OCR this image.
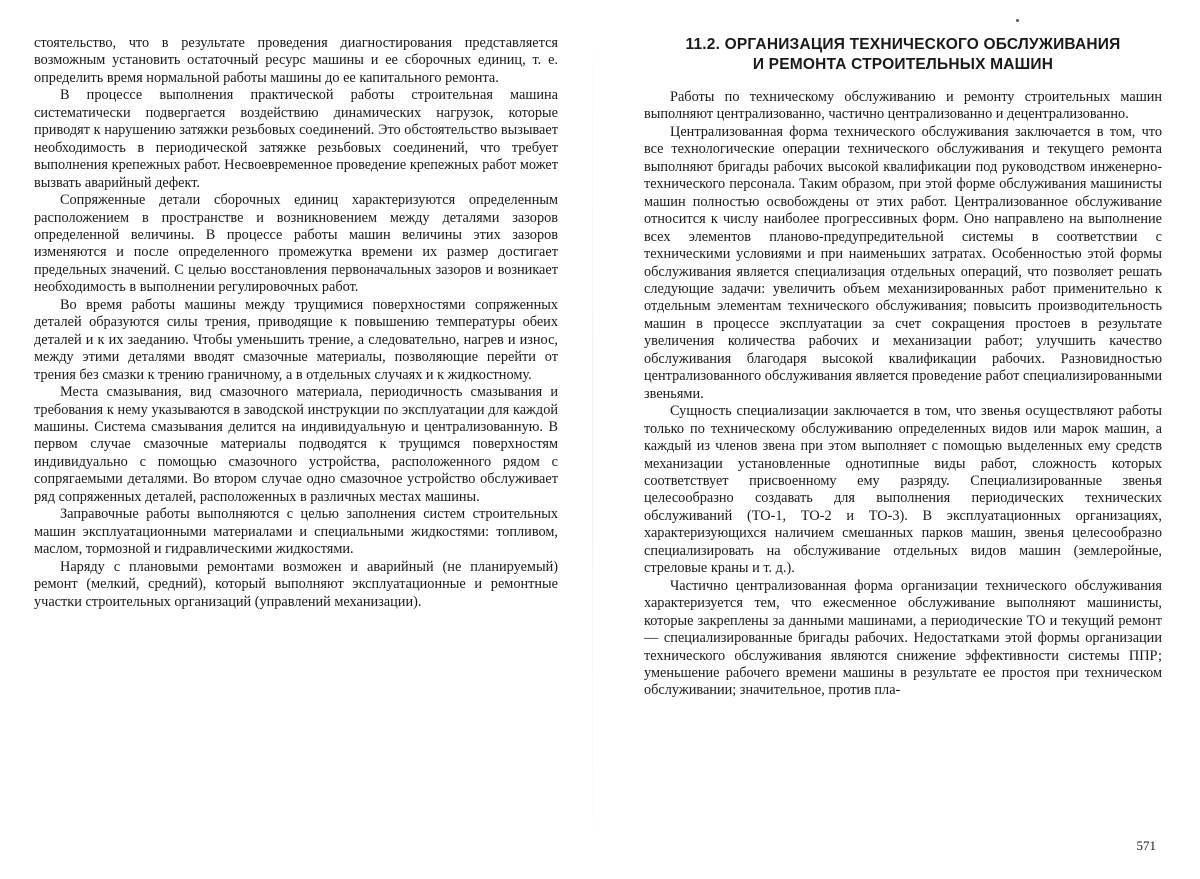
стоятельство, что в результате проведения диагностирования представляется возможным установить остаточный ресурс машины и ее сборочных единиц, т. е. определить время нормальной работы машины до ее капитального ремонта.

В процессе выполнения практической работы строительная машина систематически подвергается воздействию динамических нагрузок, которые приводят к нарушению затяжки резьбовых соединений. Это обстоятельство вызывает необходимость в периодической затяжке резьбовых соединений, что требует выполнения крепежных работ. Несвоевременное проведение крепежных работ может вызвать аварийный дефект.

Сопряженные детали сборочных единиц характеризуются определенным расположением в пространстве и возникновением между деталями зазоров определенной величины. В процессе работы машин величины этих зазоров изменяются и после определенного промежутка времени их размер достигает предельных значений. С целью восстановления первоначальных зазоров и возникает необходимость в выполнении регулировочных работ.

Во время работы машины между трущимися поверхностями сопряженных деталей образуются силы трения, приводящие к повышению температуры обеих деталей и к их заеданию. Чтобы уменьшить трение, а следовательно, нагрев и износ, между этими деталями вводят смазочные материалы, позволяющие перейти от трения без смазки к трению граничному, а в отдельных случаях и к жидкостному.

Места смазывания, вид смазочного материала, периодичность смазывания и требования к нему указываются в заводской инструкции по эксплуатации для каждой машины. Система смазывания делится на индивидуальную и централизованную. В первом случае смазочные материалы подводятся к трущимся поверхностям индивидуально с помощью смазочного устройства, расположенного рядом с сопрягаемыми деталями. Во втором случае одно смазочное устройство обслуживает ряд сопряженных деталей, расположенных в различных местах машины.

Заправочные работы выполняются с целью заполнения систем строительных машин эксплуатационными материалами и специальными жидкостями: топливом, маслом, тормозной и гидравлическими жидкостями.

Наряду с плановыми ремонтами возможен и аварийный (не планируемый) ремонт (мелкий, средний), который выполняют эксплуатационные и ремонтные участки строительных организаций (управлений механизации).

11.2. ОРГАНИЗАЦИЯ ТЕХНИЧЕСКОГО ОБСЛУЖИВАНИЯ
И РЕМОНТА СТРОИТЕЛЬНЫХ МАШИН

Работы по техническому обслуживанию и ремонту строительных машин выполняют централизованно, частично централизованно и децентрализованно.

Централизованная форма технического обслуживания заключается в том, что все технологические операции технического обслуживания и текущего ремонта выполняют бригады рабочих высокой квалификации под руководством инженерно-технического персонала. Таким образом, при этой форме обслуживания машинисты машин полностью освобождены от этих работ. Централизованное обслуживание относится к числу наиболее прогрессивных форм. Оно направлено на выполнение всех элементов планово-предупредительной системы в соответствии с техническими условиями и при наименьших затратах. Особенностью этой формы обслуживания является специализация отдельных операций, что позволяет решать следующие задачи: увеличить объем механизированных работ применительно к отдельным элементам технического обслуживания; повысить производительность машин в процессе эксплуатации за счет сокращения простоев в результате увеличения количества рабочих и механизации работ; улучшить качество обслуживания благодаря высокой квалификации рабочих. Разновидностью централизованного обслуживания является проведение работ специализированными звеньями.

Сущность специализации заключается в том, что звенья осуществляют работы только по техническому обслуживанию определенных видов или марок машин, а каждый из членов звена при этом выполняет с помощью выделенных ему средств механизации установленные однотипные виды работ, сложность которых соответствует присвоенному ему разряду. Специализированные звенья целесообразно создавать для выполнения периодических технических обслуживаний (ТО-1, ТО-2 и ТО-3). В эксплуатационных организациях, характеризующихся наличием смешанных парков машин, звенья целесообразно специализировать на обслуживание отдельных видов машин (землеройные, стреловые краны и т. д.).

Частично централизованная форма организации технического обслуживания характеризуется тем, что ежесменное обслуживание выполняют машинисты, которые закреплены за данными машинами, а периодические ТО и текущий ремонт — специализированные бригады рабочих. Недостатками этой формы организации технического обслуживания являются снижение эффективности системы ППР; уменьшение рабочего времени машины в результате ее простоя при техническом обслуживании; значительное, против пла-

571
